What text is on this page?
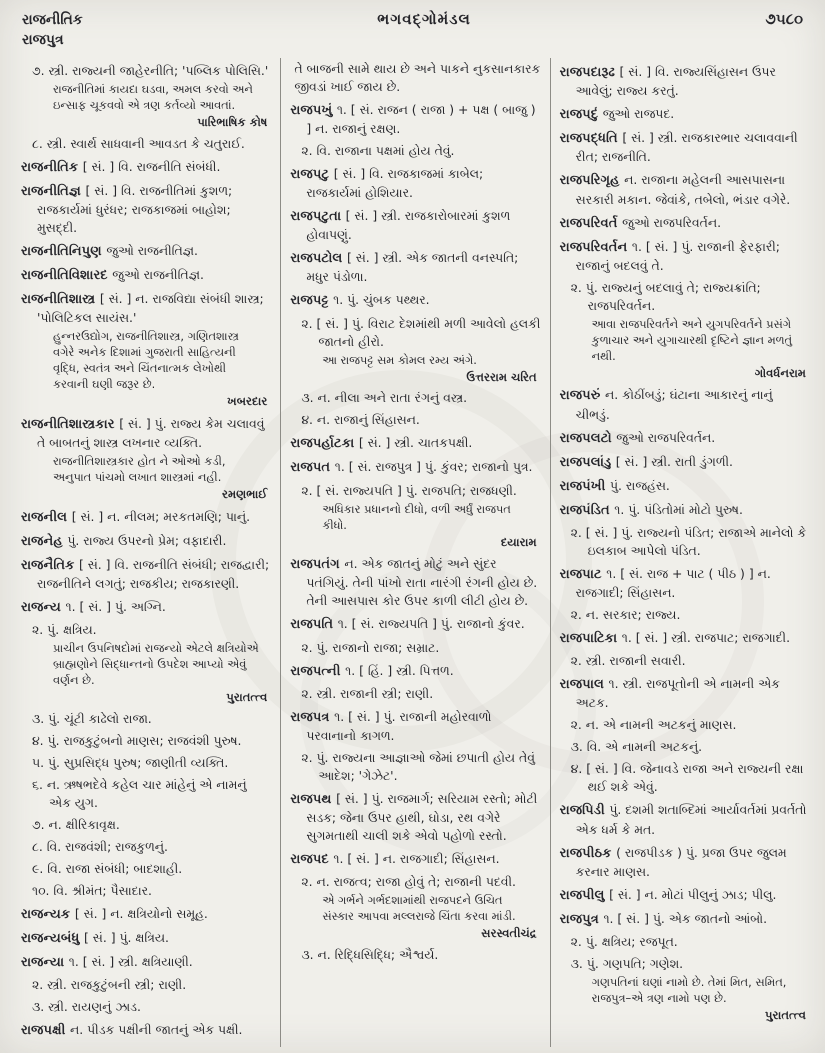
રાજનીતિક	ભગવદ્ગોમંડલ	૭૫૮૦
રાજપુત્ર
૭. સ્ત્રી. રાજ્યની જાહેરનીતિ; 'પબ્લિક પોલિસિ.'
રાજનીતિમાં કાયદા ઘડવા, અમલ કરવો અને ઇન્સાફ ચૂકવવો એ ત્રણ કર્તવ્યો આવતાં.
પારિભાષિક કોષ
૮. સ્ત્રી. સ્વાર્થ સાધવાની આવડત કે ચતુરાઈ.
રાજનીતિક [ સં. ] વિ. રાજનીતિ સંબંધી.
રાજનીતિજ્ઞ [ સં. ] વિ. રાજનીતિમાં કુશળ; રાજકાર્યમાં ધુરંધર; રાજકાજમાં બાહોશ; મુસદ્દી.
રાજનીતિનિપુણ જુઓ રાજનીતિજ્ઞ.
રાજનીતિવિશારદ જુઓ રાજનીતિજ્ઞ.
રાજનીતિશાસ્ત્ર [ સં. ] ન. રાજવિદ્યા સંબંધી શાસ્ત્ર; 'પોલિટિકલ સાયંસ.'
હુન્નરઉદ્યોગ, રાજનીતિશાસ્ત્ર, ગણિતશાસ્ત્ર વગેરે અનેક દિશામાં ગુજરાતી સાહિત્યની વૃદ્ધિ, સ્વતંત્ર અને ચિંતનાત્મક લેખોથી કરવાની ઘણી જરૂર છે.
ખબરદાર
રાજનીતિશાસ્ત્રકાર [ સં. ] પું. રાજ્ય કેમ ચલાવવું તે બાબતનું શાસ્ત્ર લખનાર વ્યક્તિ.
રાજનીતિશાસ્ત્રકાર હોત ને ઓઓ કડી, અનુપાત પાંચમો લખાત શાસ્ત્રમાં નહી.
રમણભાઈ
રાજનીલ [ સં. ] ન. નીલમ; મરકતમણિ; પાનું.
રાજનેહ પું. રાજ્ય ઉપરનો પ્રેમ; વફાદારી.
રાજનૈતિક [ સં. ] વિ. રાજનીતિ સંબંધી; રાજદ્વારી; રાજનીતિને લગતું; રાજકીય; રાજકારણી.
રાજન્ય ૧. [ સં. ] પું. અગ્નિ.
૨. પું. ક્ષત્રિય.
પ્રાચીન ઉપનિષદોમાં રાજન્યો એટલે ક્ષત્રિયોએ બ્રાહ્મણોને સિદ્ધાન્તનો ઉપદેશ આપ્યો એવું વર્ણન છે.
પુરાતત્ત્વ
૩. પું. ચૂંટી કાઢેલો રાજા.
૪. પું. રાજકુટુંબનો માણસ; રાજવંશી પુરુષ.
૫. પું. સુપ્રસિદ્ધ પુરુષ; જાણીતી વ્યક્તિ.
૬. ન. ઋષભદેવે કહેલ ચાર માંહેનું એ નામનું એક યુગ.
૭. ન. ક્ષીરિકાવૃક્ષ.
૮. વિ. રાજવંશી; રાજકુળનું.
૯. વિ. રાજા સંબંધી; બાદશાહી.
૧૦. વિ. શ્રીમંત; પૈસાદાર.
રાજન્યક [ સં. ] ન. ક્ષત્રિયોનો સમૂહ.
રાજન્યબંધુ [ સં. ] પું. ક્ષત્રિય.
રાજન્યા ૧. [ સં. ] સ્ત્રી. ક્ષત્રિયાણી.
૨. સ્ત્રી. રાજકુટુંબની સ્ત્રી; રાણી.
૩. સ્ત્રી. રાયણનું ઝાડ.
રાજપક્ષી ન. પીડક પક્ષીની જાતનું એક પક્ષી.
તે બાજની સામે થાય છે અને પાકને નુકસાનકારક જીવડાં ખાઈ જાય છે.
રાજપખું ૧. [ સં. રાજન ( રાજા ) + પક્ષ ( બાજુ ) ] ન. રાજાનું રક્ષણ.
૨. વિ. રાજાના પક્ષમાં હોય તેવું.
રાજપટુ [ સં. ] વિ. રાજકાજમાં કાબેલ; રાજકાર્યમાં હોશિયાર.
રાજપટુતા [ સં. ] સ્ત્રી. રાજકારોબારમાં કુશળ હોવાપણું.
રાજપટોલ [ સં. ] સ્ત્રી. એક જાતની વનસ્પતિ; મધુર પંડોળા.
રાજપટ્ટ ૧. પું. ચુંબક પથ્થર.
૨. [ સં. ] પું. વિરાટ દેશમાંથી મળી આવેલો હલકી જાતનો હીરો.
આ રાજપટ્ટ સમ કોમલ રમ્ય અંગે.
ઉત્તરરામ ચરિત
૩. ન. નીલા અને રાતા રંગનું વસ્ત્ર.
૪. ન. રાજાનું સિંહાસન.
રાજપર્હાટકા [ સં. ] સ્ત્રી. ચાતકપક્ષી.
રાજપત ૧. [ સં. રાજપુત્ર ] પું. કુંવર; રાજાનો પુત્ર.
૨. [ સં. રાજ્યપતિ ] પું. રાજપતિ; રાજધણી.
અધિકાર પ્રધાનનો દીધો, વળી અર્ધું રાજપત કીધો.
દયારામ
રાજપતંગ ન. એક જાતનું મોટું અને સુંદર પતંગિયું. તેની પાંખો રાતા નારંગી રંગની હોય છે. તેની આસપાસ કોર ઉપર કાળી લીટી હોય છે.
રાજપતિ ૧. [ સં. રાજ્યપતિ ] પું. રાજાનો કુંવર.
૨. પું. રાજાનો રાજા; સમ્રાટ.
રાજપત્ની ૧. [ હિં. ] સ્ત્રી. પિત્તળ.
૨. સ્ત્રી. રાજાની સ્ત્રી; રાણી.
રાજપત્ર ૧. [ સં. ] પું. રાજાની મહોરવાળો પરવાનાનો કાગળ.
૨. પું. રાજ્યના આજ્ઞાઓ જેમાં છપાતી હોય તેવું આદેશ; 'ગેઝેટ'.
રાજપથ [ સં. ] પું. રાજમાર્ગ; સરિયામ રસ્તો; મોટી સડક; જેના ઉપર હાથી, ઘોડા, રથ વગેરે સુગમતાથી ચાલી શકે એવો પહોળો રસ્તો.
રાજપદ ૧. [ સં. ] ન. રાજગાદી; સિંહાસન.
૨. ન. રાજત્વ; રાજા હોવું તે; રાજાની પદવી.
એ ગર્ભને ગર્ભદશામાંથી રાજપદને ઉચિત સંસ્કાર આપવા મલ્લરાજે ચિંતા કરવા માંડી.
સરસ્વતીચંદ્ર
૩. ન. રિદ્ધિસિદ્ધિ; ઐશ્વર્ય.
રાજપદારૂઢ [ સં. ] વિ. રાજ્યસિંહાસન ઉપર આવેલું; રાજ્ય કરતું.
રાજપદું જુઓ રાજપદ.
રાજપદ્ધતિ [ સં. ] સ્ત્રી. રાજકારભાર ચલાવવાની રીત; રાજનીતિ.
રાજપરિગૃહ ન. રાજાના મહેલની આસપાસના સરકારી મકાન. જેવાંકે, તબેલો, ભંડાર વગેરે.
રાજપરિવર્ત જુઓ રાજપરિવર્તન.
રાજપરિવર્તન ૧. [ સં. ] પું. રાજાની ફેરફારી; રાજાનું બદલવું તે.
૨. પું. રાજ્યનું બદલાવું તે; રાજ્યક્રાંતિ; રાજપરિવર્તન.
આવા રાજપરિવર્તને અને યુગપરિવર્તને પ્રસંગે કુળાચાર અને યુગાચારથી દૃષ્ટિને જ્ઞાન મળતું નથી.
ગોવર્ધનરામ
રાજપરું ન. કોઠીંબડું; ઘંટાના આકારનું નાનું ચીભડું.
રાજપલટો જુઓ રાજપરિવર્તન.
રાજપલાંડુ [ સં. ] સ્ત્રી. રાતી ડુંગળી.
રાજપંખી પું. રાજહંસ.
રાજપંડિત ૧. પું. પંડિતોમાં મોટો પુરુષ.
૨. [ સં. ] પું. રાજ્યનો પંડિત; રાજાએ માનેલો કે ઇલકાબ આપેલો પંડિત.
રાજપાટ ૧. [ સં. રાજ + પાટ ( પીઠ ) ] ન. રાજગાદી; સિંહાસન.
૨. ન. સરકાર; રાજ્ય.
રાજપાટિકા ૧. [ સં. ] સ્ત્રી. રાજપાટ; રાજગાદી.
૨. સ્ત્રી. રાજાની સવારી.
રાજપાલ ૧. સ્ત્રી. રાજપૂતોની એ નામની એક અટક.
૨. ન. એ નામની અટકનું માણસ.
૩. વિ. એ નામની અટકનું.
૪. [ સં. ] વિ. જેનાવડે રાજા અને રાજ્યની રક્ષા થઈ શકે એવું.
રાજપિડી પું. દશમી શતાબ્દિમાં આર્યાવર્તમાં પ્રવર્તતો એક ધર્મ કે મત.
રાજપીઠક ( રાજપીડક ) પું. પ્રજા ઉપર જુલમ કરનાર માણસ.
રાજપીલુ [ સં. ] ન. મોટાં પીલુનું ઝાડ; પીલુ.
રાજપુત્ર ૧. [ સં. ] પું. એક જાતનો આંબો.
૨. પું. ક્ષત્રિય; રજપૂત.
૩. પું. ગણપતિ; ગણેશ.
ગણપતિનાં ઘણાં નામો છે. તેમાં મિત, સમિત, રાજપુત્ર–એ ત્રણ નામો પણ છે.
પુરાતત્ત્વ
